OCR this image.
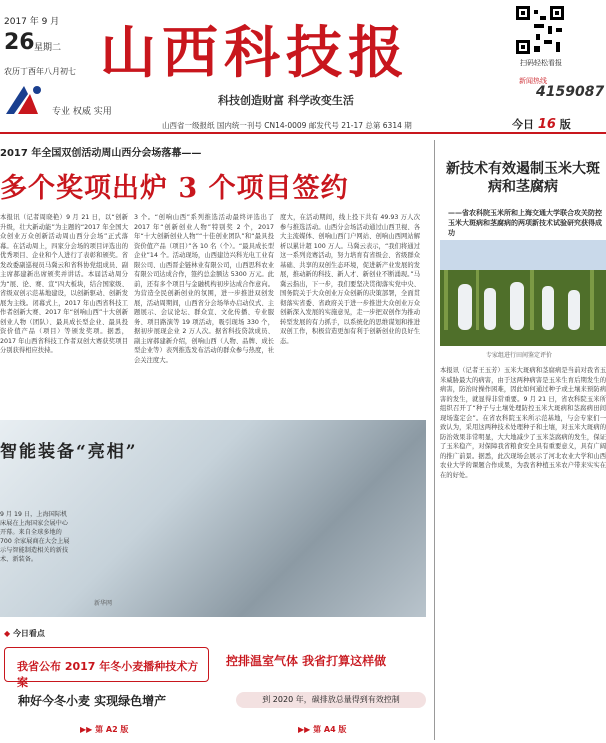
2017 年 9 月
26 星期二
农历丁酉年八月初七
专业 权威 实用
山西科技报
科技创造财富 科学改变生活
扫码轻松看报
新闻热线
4159087
山西省一级报纸 国内统一刊号 CN14-0009 邮发代号 21-17 总第 6314 期	今日 16 版
2017 年全国双创活动周山西分会场落幕——
多个奖项出炉 3 个项目签约
本报讯（记者周晓艳）9 月 21 日，以“创新升级，壮大新动能”为主题的“2017 年全国大众创业万众创新活动周山西分会场”正式落幕。在活动周上，四家分会场的项目评选出的优秀项目、企业和个人进行了表彰和颁奖。省发改委副巡视员马冀云和省科协党组成员、副主席郝建新出席颁奖并讲话。本届活动周分为“展、论、赛、宣”四大板块，结合国家级、省级双创示范基地建设，以创新驱动、创新发展为主线。闭幕式上，2017 年山西省科技工作者创新大赛、2017 年“创响山西”十大创新创业人物（团队）、最具成长型企业、最具投资价值产品（项目）等颁发奖项。据悉，2017 年山西省科技工作者双创大赛获奖项目分别获得相应扶持。
3 个。“创响山西”系列推选活动最终评选出了 2017 年“创新创业人物”特别奖 2 个，2017 年“十大创新创业人物”“十佳创业团队”和“最具投资价值产品（项目）”各 10 名（个）。“最具成长型企业”14 个。活动现场，山西建边兴科光电工业有限公司、山西晋企链林业有限公司，山西思科农业有限公司达成合作，签约总金额达 5300 万元。此前，还有多个项目与金融机构初步达成合作意向。为营造全民创新创业的氛围，进一步推进双创发展，活动周期间，山西省分会场举办启动仪式、主题展示、会议论坛、群众宣、文化传播、专业服务、项目路演等 19 项活动，吸引现场 330 个，据初步展现企业 2 万人次。据省科技贷款成员、副主席郝建新介绍，创响山西（人物、品牌、成长型企业等）表列推选发布活动的群众参与热度，社会关注度大。
度大，在活动期间，线上投下共有 49.93 万人次参与推选活动。山西分会场活动通过山西卫视、各大主流媒体、创响山西门户网站、创响山西网站解析以累计超 100 万人。马冀云表示，“我们将通过这一系列竞赛活动，努力培育有省级会、省级群众基础、共享的双创生态环境，促进新产业发展的发展，推动新的科技、新人才、新创业不断涌现。”马冀云指出，下一步，我们要坚决贯彻落实党中央、国务院关于大众创业万众创新的决策部署，全面贯彻落实省委、省政府关于进一步推进大众创业万众创新深入发展的实施意见，走一步把双创作为推动转型发展的有力抓手，以系统化的思维谋划和推进双创工作，积极营造更加有利于创新创业的良好生态。
智能装备“亮相”
9 月 19 日，上海国际机床展在上海国家会展中心开幕。来自全球多地的 700 余家展商在大会上展示与智能制造相关的新技术、新装备。
新华网
新技术有效遏制玉米大斑病和茎腐病
——省农科院玉米所和上海交通大学联合攻关防控玉米大斑病和茎腐病的两项新技术试验研究获得成功
专家组进行田间鉴定评价
本报讯（记者王玉芳）玉米大斑病和茎腐病是当前对我省玉米威胁最大的病害，由于这两种病害是玉米生育后期发生的病害，防治时操作困难，因此如何通过种子或土壤来预防病害的发生，就显得非常重要。9 月 21 日，省农科院玉米所组织召开了“种子与土壤处理防控玉米大斑病和茎腐病田间现场鉴定会”。在省农科院玉米所示范基地，与会专家们一致认为，采用这两种技术处理种子和土壤，对玉米大斑病的防治效果非常明显，大大地减少了玉米茎腐病的发生，保证了玉米稳产，对保障我省粮食安全具有重要意义，具有广阔的推广前景。据悉，此次现场会展示了河北农业大学和山西农业大学的课题合作成果，为我省种植玉米农户带来实实在在的好处。
◆ 今日看点
我省公布 2017 年冬小麦播种技术方案
种好今冬小麦 实现绿色增产
▶▶ 第 A2 版
控排温室气体 我省打算这样做
到 2020 年，碳排放总量得到有效控制
▶▶ 第 A4 版
